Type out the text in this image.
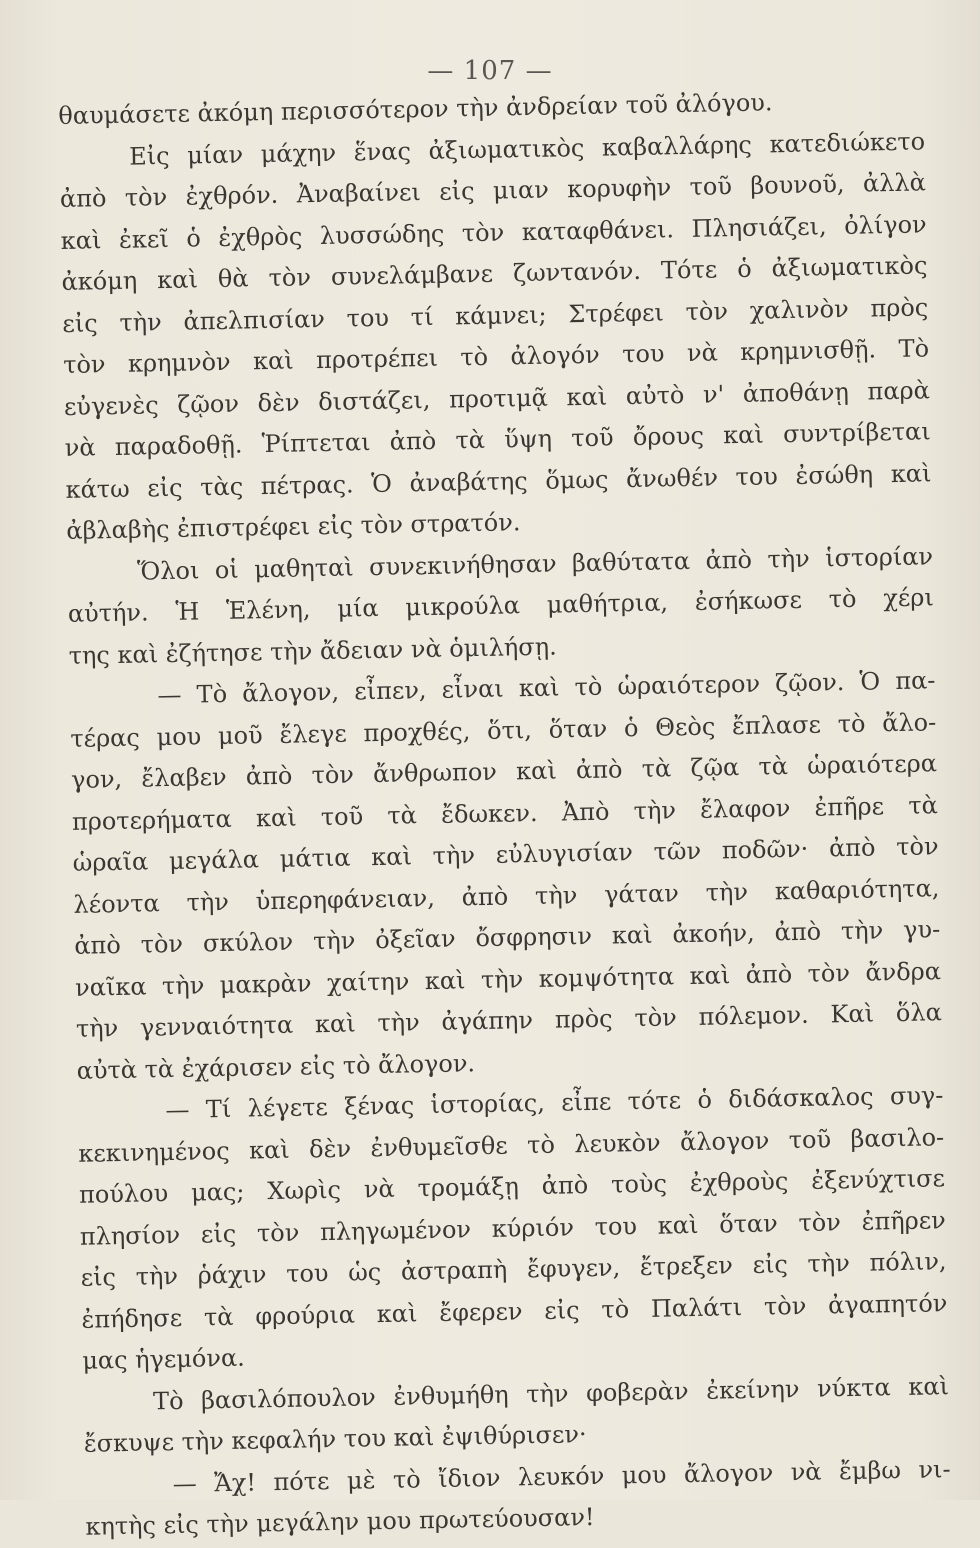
— 107 —
θαυμάσετε ἀκόμη περισσότερον τὴν ἀνδρείαν τοῦ ἀλόγου.
Εἰς μίαν μάχην ἕνας ἀξιωματικὸς καβαλλάρης κατεδιώκετο
ἀπὸ τὸν ἐχθρόν. Ἀναβαίνει εἰς μιαν κορυφὴν τοῦ βουνοῦ, ἀλλὰ
καὶ ἐκεῖ ὁ ἐχθρὸς λυσσώδης τὸν καταφθάνει. Πλησιάζει, ὀλίγον
ἀκόμη καὶ θὰ τὸν συνελάμβανε ζωντανόν. Τότε ὁ ἀξιωματικὸς
εἰς τὴν ἀπελπισίαν του τί κάμνει; Στρέφει τὸν χαλινὸν πρὸς
τὸν κρημνὸν καὶ προτρέπει τὸ ἀλογόν του νὰ κρημνισθῇ. Τὸ
εὐγενὲς ζῷον δὲν διστάζει, προτιμᾷ καὶ αὐτὸ ν' ἀποθάνῃ παρὰ
νὰ παραδοθῇ. Ῥίπτεται ἀπὸ τὰ ὕψη τοῦ ὄρους καὶ συντρίβεται
κάτω εἰς τὰς πέτρας. Ὁ ἀναβάτης ὅμως ἄνωθέν του ἐσώθη καὶ
ἀβλαβὴς ἐπιστρέφει εἰς τὸν στρατόν.
Ὅλοι οἱ μαθηταὶ συνεκινήθησαν βαθύτατα ἀπὸ τὴν ἱστορίαν
αὐτήν. Ἡ Ἑλένη, μία μικρούλα μαθήτρια, ἐσήκωσε τὸ χέρι
της καὶ ἐζήτησε τὴν ἄδειαν νὰ ὁμιλήσῃ.
— Τὸ ἄλογον, εἶπεν, εἶναι καὶ τὸ ὡραιότερον ζῷον. Ὁ πα-
τέρας μου μοῦ ἔλεγε προχθές, ὅτι, ὅταν ὁ Θεὸς ἔπλασε τὸ ἄλο-
γον, ἔλαβεν ἀπὸ τὸν ἄνθρωπον καὶ ἀπὸ τὰ ζῷα τὰ ὡραιότερα
προτερήματα καὶ τοῦ τὰ ἔδωκεν. Ἀπὸ τὴν ἔλαφον ἐπῆρε τὰ
ὡραῖα μεγάλα μάτια καὶ τὴν εὐλυγισίαν τῶν ποδῶν· ἀπὸ τὸν
λέοντα τὴν ὑπερηφάνειαν, ἀπὸ τὴν γάταν τὴν καθαριότητα,
ἀπὸ τὸν σκύλον τὴν ὀξεῖαν ὄσφρησιν καὶ ἀκοήν, ἀπὸ τὴν γυ-
ναῖκα τὴν μακρὰν χαίτην καὶ τὴν κομψότητα καὶ ἀπὸ τὸν ἄνδρα
τὴν γενναιότητα καὶ τὴν ἀγάπην πρὸς τὸν πόλεμον. Καὶ ὅλα
αὐτὰ τὰ ἐχάρισεν εἰς τὸ ἄλογον.
— Τί λέγετε ξένας ἱστορίας, εἶπε τότε ὁ διδάσκαλος συγ-
κεκινημένος καὶ δὲν ἐνθυμεῖσθε τὸ λευκὸν ἄλογον τοῦ βασιλο-
πούλου μας; Χωρὶς νὰ τρομάξῃ ἀπὸ τοὺς ἐχθροὺς ἐξενύχτισε
πλησίον εἰς τὸν πληγωμένον κύριόν του καὶ ὅταν τὸν ἐπῆρεν
εἰς τὴν ῥάχιν του ὡς ἀστραπὴ ἔφυγεν, ἔτρεξεν εἰς τὴν πόλιν,
ἐπήδησε τὰ φρούρια καὶ ἔφερεν εἰς τὸ Παλάτι τὸν ἀγαπητόν
μας ἡγεμόνα.
Τὸ βασιλόπουλον ἐνθυμήθη τὴν φοβερὰν ἐκείνην νύκτα καὶ
ἔσκυψε τὴν κεφαλήν του καὶ ἐψιθύρισεν·
— Ἄχ! πότε μὲ τὸ ἴδιον λευκόν μου ἄλογον νὰ ἔμβω νι-
κητὴς εἰς τὴν μεγάλην μου πρωτεύουσαν!
